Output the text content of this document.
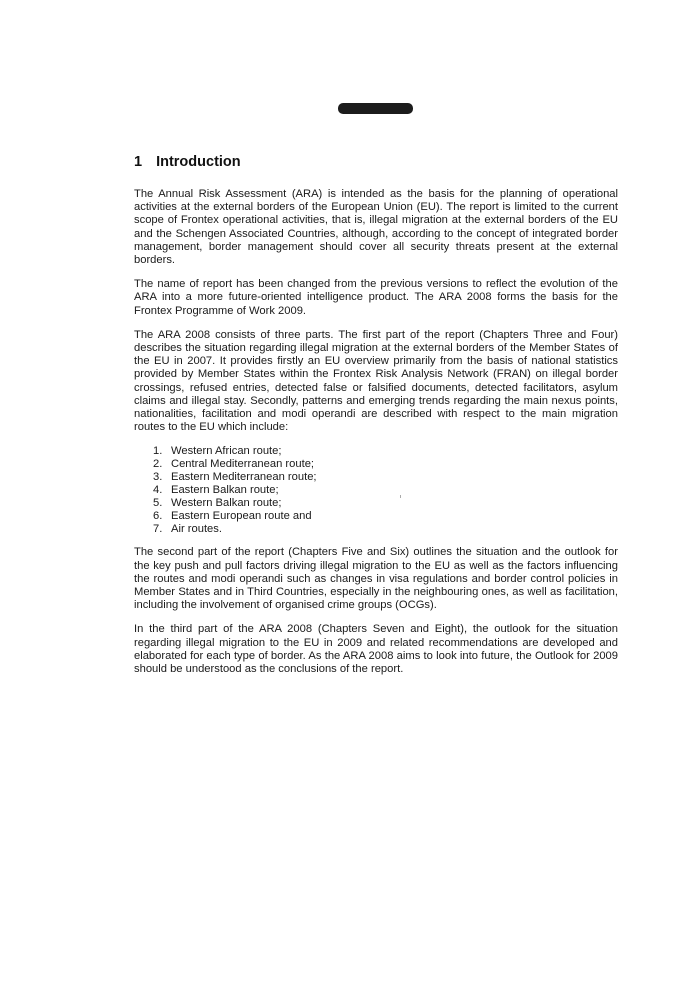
1 Introduction

The Annual Risk Assessment (ARA) is intended as the basis for the planning of operational activities at the external borders of the European Union (EU). The report is limited to the current scope of Frontex operational activities, that is, illegal migration at the external borders of the EU and the Schengen Associated Countries, although, according to the concept of integrated border management, border management should cover all security threats present at the external borders.

The name of report has been changed from the previous versions to reflect the evolution of the ARA into a more future-oriented intelligence product. The ARA 2008 forms the basis for the Frontex Programme of Work 2009.

The ARA 2008 consists of three parts. The first part of the report (Chapters Three and Four) describes the situation regarding illegal migration at the external borders of the Member States of the EU in 2007. It provides firstly an EU overview primarily from the basis of national statistics provided by Member States within the Frontex Risk Analysis Network (FRAN) on illegal border crossings, refused entries, detected false or falsified documents, detected facilitators, asylum claims and illegal stay. Secondly, patterns and emerging trends regarding the main nexus points, nationalities, facilitation and modi operandi are described with respect to the main migration routes to the EU which include:

1. Western African route;
2. Central Mediterranean route;
3. Eastern Mediterranean route;
4. Eastern Balkan route;
5. Western Balkan route;
6. Eastern European route and
7. Air routes.

The second part of the report (Chapters Five and Six) outlines the situation and the outlook for the key push and pull factors driving illegal migration to the EU as well as the factors influencing the routes and modi operandi such as changes in visa regulations and border control policies in Member States and in Third Countries, especially in the neighbouring ones, as well as facilitation, including the involvement of organised crime groups (OCGs).

In the third part of the ARA 2008 (Chapters Seven and Eight), the outlook for the situation regarding illegal migration to the EU in 2009 and related recommendations are developed and elaborated for each type of border. As the ARA 2008 aims to look into future, the Outlook for 2009 should be understood as the conclusions of the report.
